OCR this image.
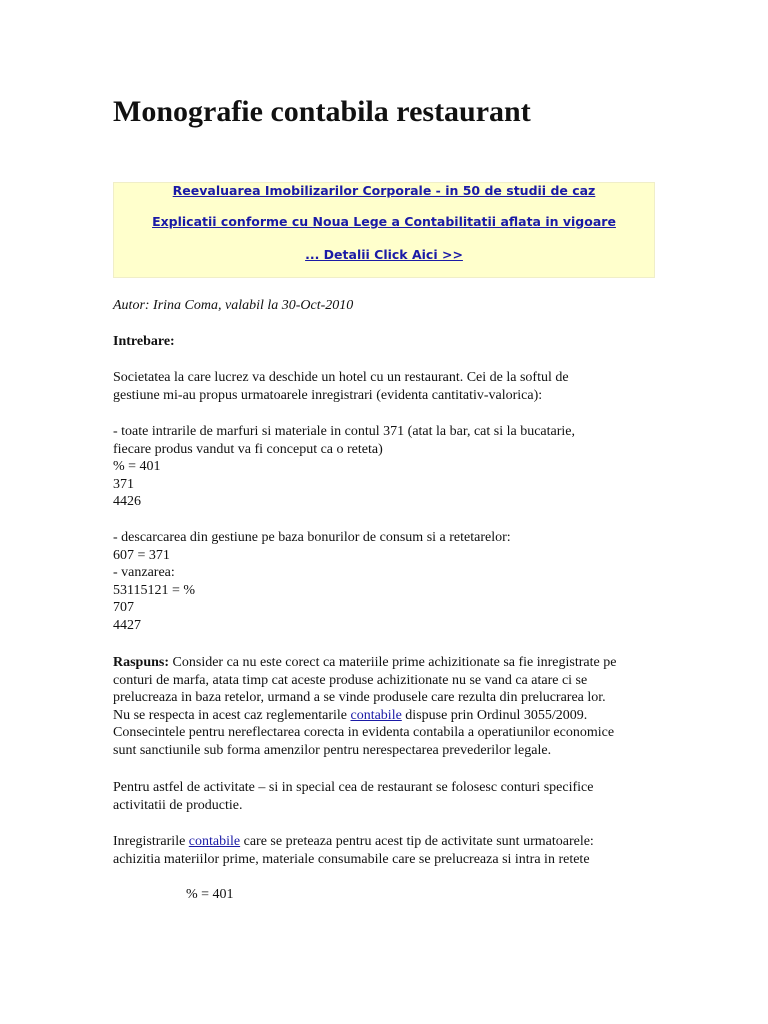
Monografie contabila restaurant
Reevaluarea Imobilizarilor Corporale - in 50 de studii de caz
Explicatii conforme cu Noua Lege a Contabilitatii aflata in vigoare
... Detalii Click Aici >>

Autor: Irina Coma, valabil la 30-Oct-2010

Intrebare:

Societatea la care lucrez va deschide un hotel cu un restaurant. Cei de la softul de
gestiune mi-au propus urmatoarele inregistrari (evidenta cantitativ-valorica):

- toate intrarile de marfuri si materiale in contul 371 (atat la bar, cat si la bucatarie,
fiecare produs vandut va fi conceput ca o reteta)
% = 401
371
4426

- descarcarea din gestiune pe baza bonurilor de consum si a retetarelor:
607 = 371
- vanzarea:
53115121 = %
707
4427

Raspuns: Consider ca nu este corect ca materiile prime achizitionate sa fie inregistrate pe
conturi de marfa, atata timp cat aceste produse achizitionate nu se vand ca atare ci se
prelucreaza in baza retelor, urmand a se vinde produsele care rezulta din prelucrarea lor.
Nu se respecta in acest caz reglementarile contabile dispuse prin Ordinul 3055/2009.
Consecintele pentru nereflectarea corecta in evidenta contabila a operatiunilor economice
sunt sanctiunile sub forma amenzilor pentru nerespectarea prevederilor legale.

Pentru astfel de activitate – si in special cea de restaurant se folosesc conturi specifice
activitatii de productie.

Inregistrarile contabile care se preteaza pentru acest tip de activitate sunt urmatoarele:
achizitia materiilor prime, materiale consumabile care se prelucreaza si intra in retete

% = 401
